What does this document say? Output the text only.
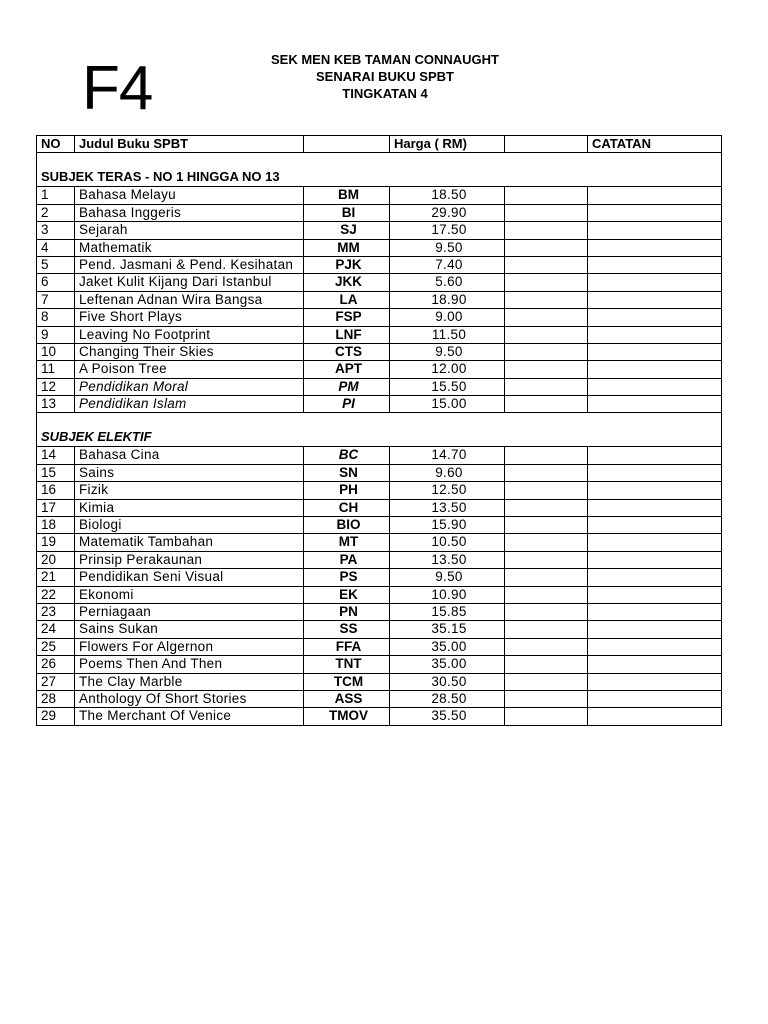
F4	SEK MEN KEB TAMAN CONNAUGHT
SENARAI BUKU SPBT
TINGKATAN 4
NO	Judul Buku SPBT		Harga ( RM)		CATATAN
SUBJEK TERAS - NO 1 HINGGA NO 13					
1	Bahasa Melayu	BM	18.50		
2	Bahasa Inggeris	BI	29.90		
3	Sejarah	SJ	17.50		
4	Mathematik	MM	9.50		
5	Pend. Jasmani & Pend. Kesihatan	PJK	7.40		
6	Jaket Kulit Kijang Dari Istanbul	JKK	5.60		
7	Leftenan Adnan Wira Bangsa	LA	18.90		
8	Five Short Plays	FSP	9.00		
9	Leaving No Footprint	LNF	11.50		
10	Changing Their Skies	CTS	9.50		
11	A Poison Tree	APT	12.00		
12	Pendidikan Moral	PM	15.50		
13	Pendidikan Islam	PI	15.00		
SUBJEK ELEKTIF					
14	Bahasa Cina	BC	14.70		
15	Sains	SN	9.60		
16	Fizik	PH	12.50		
17	Kimia	CH	13.50		
18	Biologi	BIO	15.90		
19	Matematik Tambahan	MT	10.50		
20	Prinsip Perakaunan	PA	13.50		
21	Pendidikan Seni Visual	PS	9.50		
22	Ekonomi	EK	10.90		
23	Perniagaan	PN	15.85		
24	Sains Sukan	SS	35.15		
25	Flowers For Algernon	FFA	35.00		
26	Poems Then And Then	TNT	35.00		
27	The Clay Marble	TCM	30.50		
28	Anthology Of Short Stories	ASS	28.50		
29	The Merchant Of Venice	TMOV	35.50		
